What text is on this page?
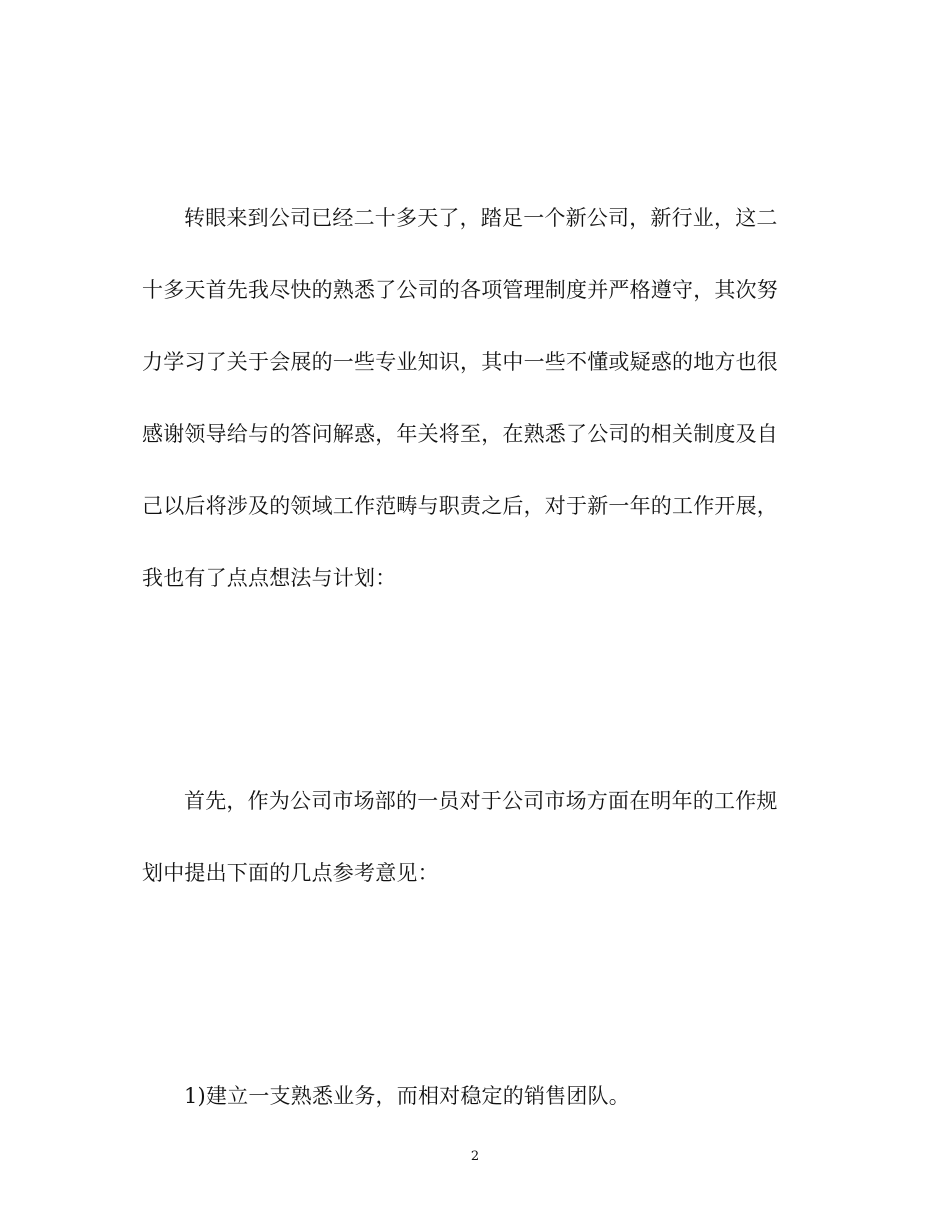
转眼来到公司已经二十多天了，踏足一个新公司，新行业，这二
十多天首先我尽快的熟悉了公司的各项管理制度并严格遵守，其次努
力学习了关于会展的一些专业知识，其中一些不懂或疑惑的地方也很
感谢领导给与的答问解惑，年关将至，在熟悉了公司的相关制度及自
己以后将涉及的领域工作范畴与职责之后，对于新一年的工作开展，
我也有了点点想法与计划：
首先，作为公司市场部的一员对于公司市场方面在明年的工作规
划中提出下面的几点参考意见：
1)建立一支熟悉业务，而相对稳定的销售团队。
2
